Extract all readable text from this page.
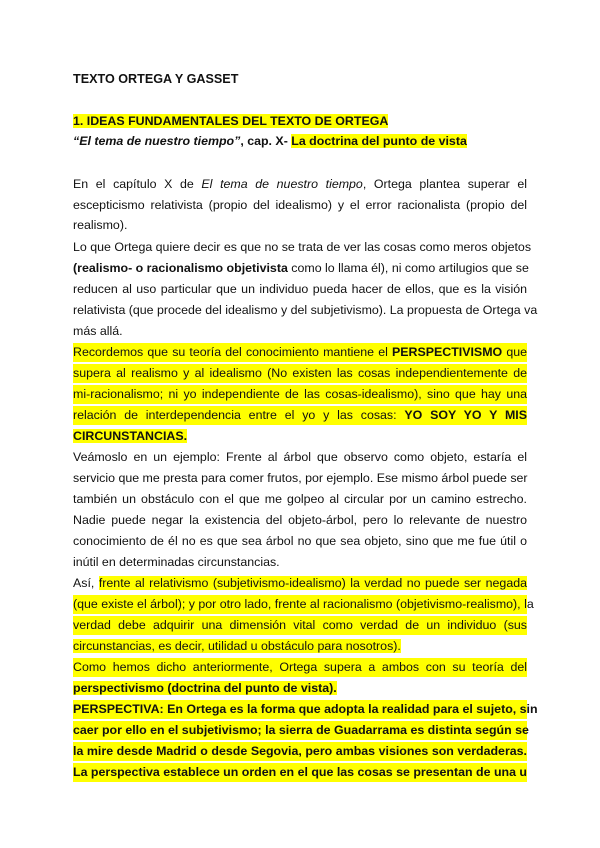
TEXTO ORTEGA Y GASSET
1. IDEAS FUNDAMENTALES DEL TEXTO DE ORTEGA
“El tema de nuestro tiempo”, cap. X- La doctrina del punto de vista
En el capítulo X de El tema de nuestro tiempo, Ortega plantea superar el
escepticismo relativista (propio del idealismo) y el error racionalista (propio del
realismo).
Lo que Ortega quiere decir es que no se trata de ver las cosas como meros objetos
(realismo- o racionalismo objetivista como lo llama él), ni como artilugios que se
reducen al uso particular que un individuo pueda hacer de ellos, que es la visión
relativista (que procede del idealismo y del subjetivismo). La propuesta de Ortega va
más allá.
Recordemos que su teoría del conocimiento mantiene el PERSPECTIVISMO que
supera al realismo y al idealismo (No existen las cosas independientemente de
mi-racionalismo; ni yo independiente de las cosas-idealismo), sino que hay una
relación de interdependencia entre el yo y las cosas: YO SOY YO Y MIS
CIRCUNSTANCIAS.
Veámoslo en un ejemplo: Frente al árbol que observo como objeto, estaría el
servicio que me presta para comer frutos, por ejemplo. Ese mismo árbol puede ser
también un obstáculo con el que me golpeo al circular por un camino estrecho.
Nadie puede negar la existencia del objeto-árbol, pero lo relevante de nuestro
conocimiento de él no es que sea árbol no que sea objeto, sino que me fue útil o
inútil en determinadas circunstancias.
Así, frente al relativismo (subjetivismo-idealismo) la verdad no puede ser negada
(que existe el árbol); y por otro lado, frente al racionalismo (objetivismo-realismo), la
verdad debe adquirir una dimensión vital como verdad de un individuo (sus
circunstancias, es decir, utilidad u obstáculo para nosotros).
Como hemos dicho anteriormente, Ortega supera a ambos con su teoría del
perspectivismo (doctrina del punto de vista).
PERSPECTIVA: En Ortega es la forma que adopta la realidad para el sujeto, sin
caer por ello en el subjetivismo; la sierra de Guadarrama es distinta según se
la mire desde Madrid o desde Segovia, pero ambas visiones son verdaderas.
La perspectiva establece un orden en el que las cosas se presentan de una u
